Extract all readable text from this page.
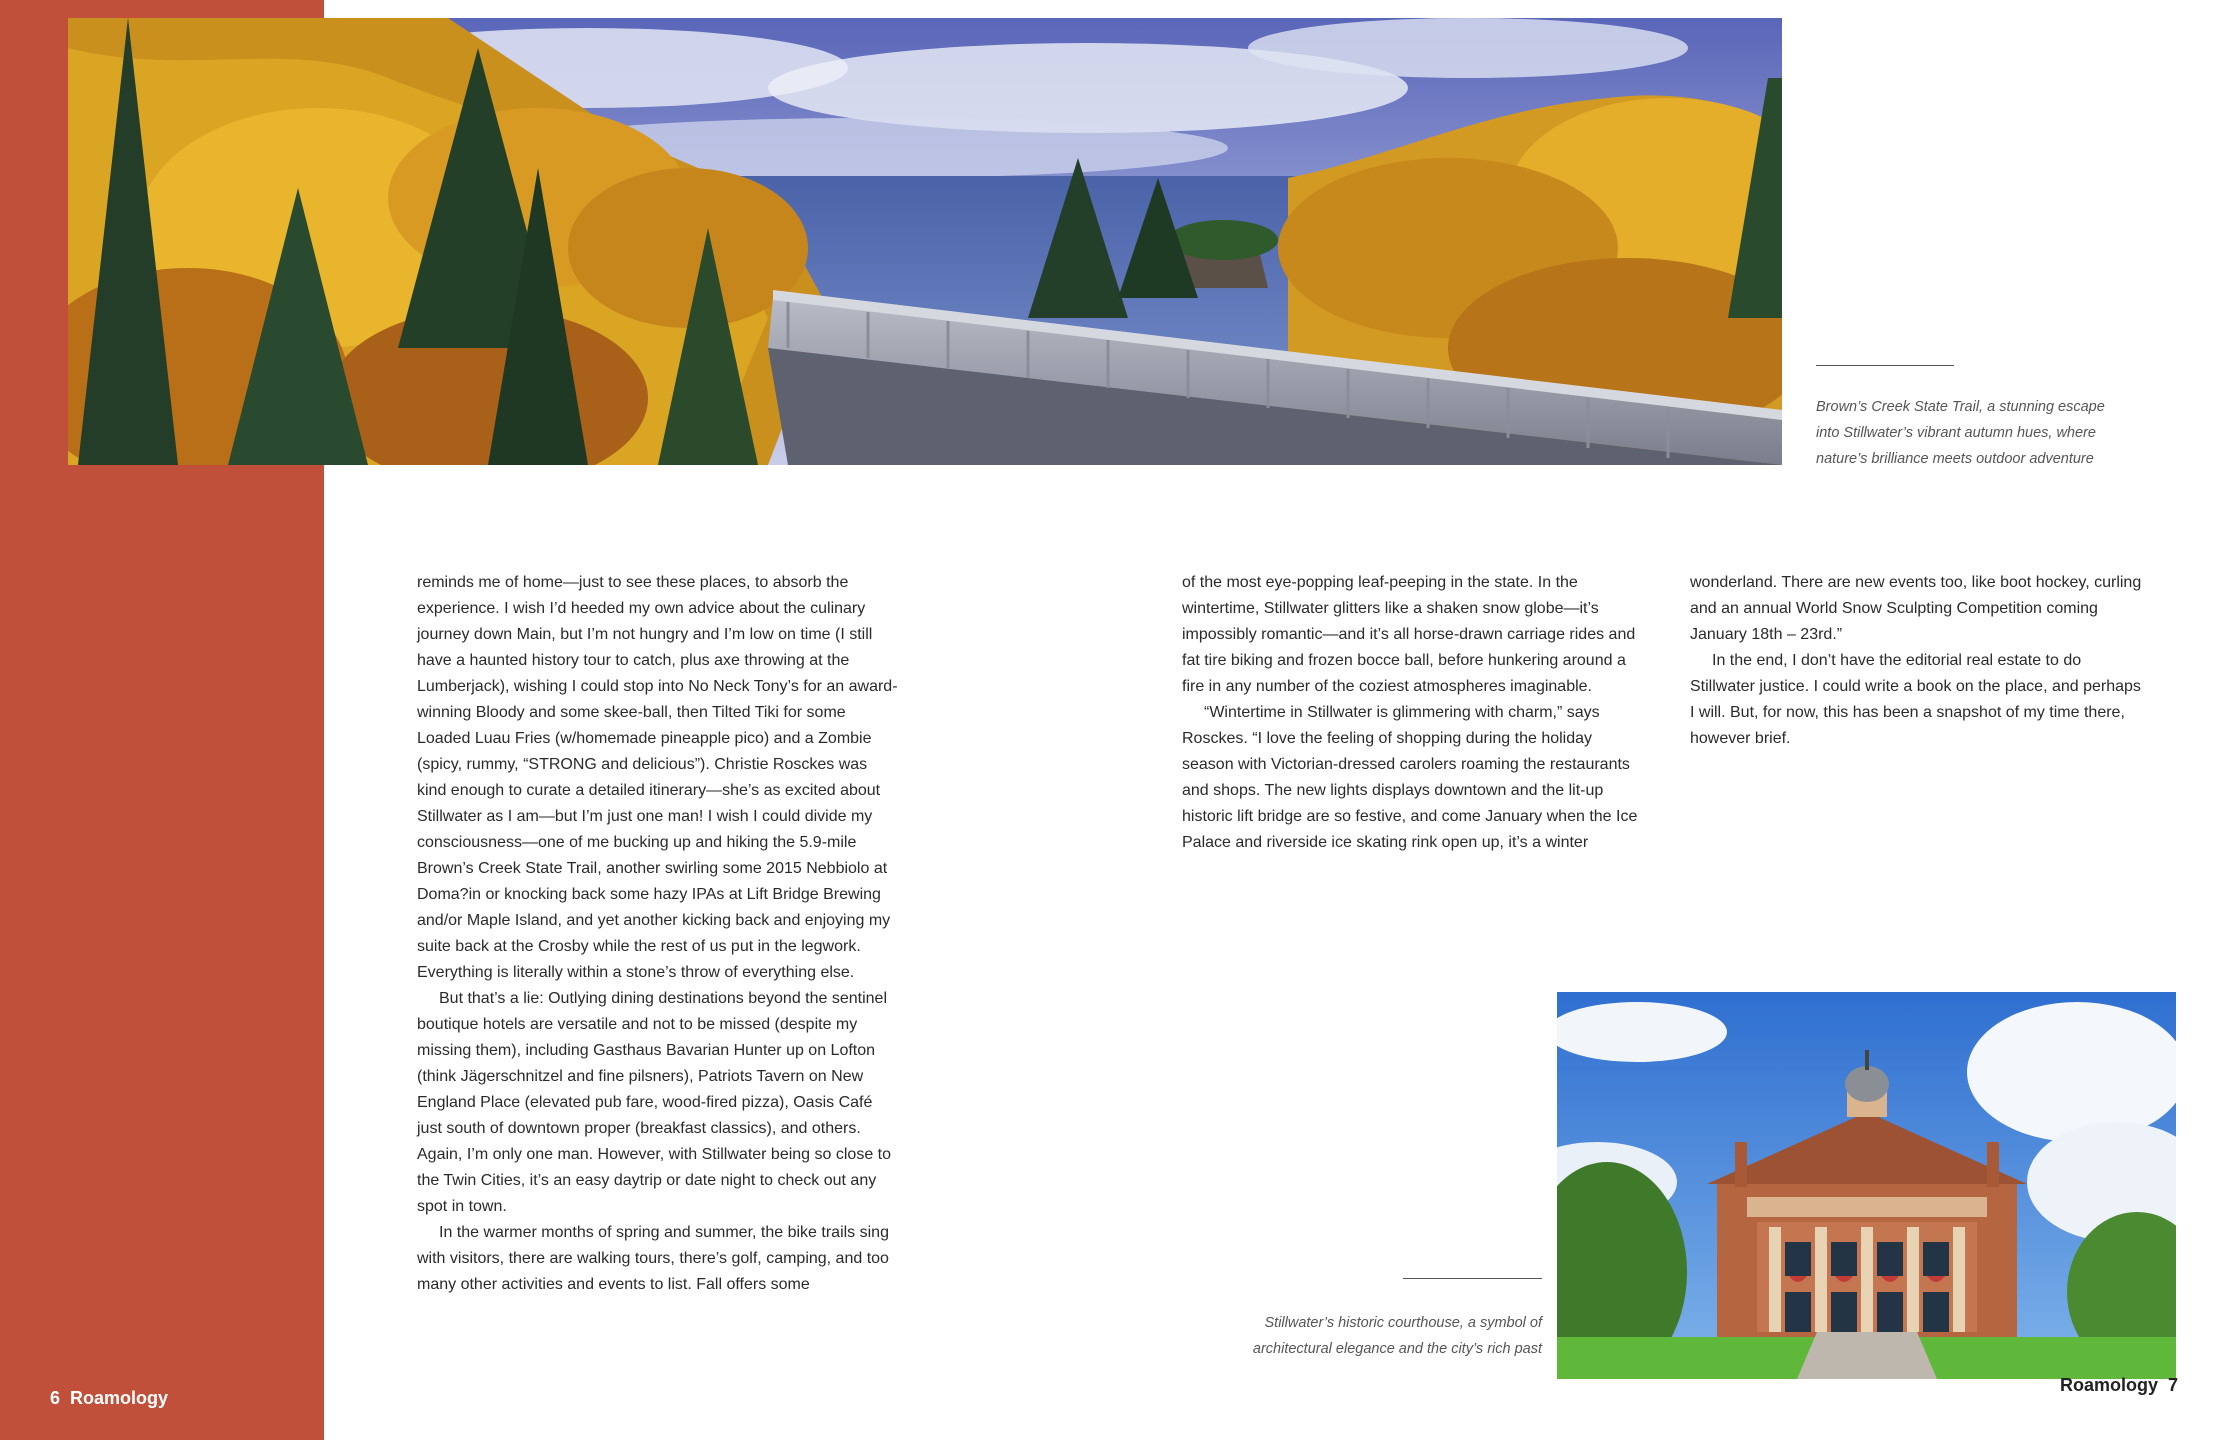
Brown’s Creek State Trail, a stunning escape into Stillwater’s vibrant autumn hues, where nature’s brilliance meets outdoor adventure

reminds me of home—just to see these places, to absorb the experience. I wish I’d heeded my own advice about the culinary journey down Main, but I’m not hungry and I’m low on time (I still have a haunted history tour to catch, plus axe throwing at the Lumberjack), wishing I could stop into No Neck Tony’s for an award-winning Bloody and some skee-ball, then Tilted Tiki for some Loaded Luau Fries (w/homemade pineapple pico) and a Zombie (spicy, rummy, “STRONG and delicious”). Christie Rosckes was kind enough to curate a detailed itinerary—she’s as excited about Stillwater as I am—but I’m just one man! I wish I could divide my consciousness—one of me bucking up and hiking the 5.9-mile Brown’s Creek State Trail, another swirling some 2015 Nebbiolo at Doma?in or knocking back some hazy IPAs at Lift Bridge Brewing and/or Maple Island, and yet another kicking back and enjoying my suite back at the Crosby while the rest of us put in the legwork. Everything is literally within a stone’s throw of everything else.

But that’s a lie: Outlying dining destinations beyond the sentinel boutique hotels are versatile and not to be missed (despite my missing them), including Gasthaus Bavarian Hunter up on Lofton (think Jägerschnitzel and fine pilsners), Patriots Tavern on New England Place (elevated pub fare, wood-fired pizza), Oasis Café just south of downtown proper (breakfast classics), and others. Again, I’m only one man. However, with Stillwater being so close to the Twin Cities, it’s an easy daytrip or date night to check out any spot in town.

In the warmer months of spring and summer, the bike trails sing with visitors, there are walking tours, there’s golf, camping, and too many other activities and events to list. Fall offers some

of the most eye-popping leaf-peeping in the state. In the wintertime, Stillwater glitters like a shaken snow globe—it’s impossibly romantic—and it’s all horse-drawn carriage rides and fat tire biking and frozen bocce ball, before hunkering around a fire in any number of the coziest atmospheres imaginable.

“Wintertime in Stillwater is glimmering with charm,” says Rosckes. “I love the feeling of shopping during the holiday season with Victorian-dressed carolers roaming the restaurants and shops. The new lights displays downtown and the lit-up historic lift bridge are so festive, and come January when the Ice Palace and riverside ice skating rink open up, it’s a winter

wonderland. There are new events too, like boot hockey, curling and an annual World Snow Sculpting Competition coming January 18th – 23rd.”

In the end, I don’t have the editorial real estate to do Stillwater justice. I could write a book on the place, and perhaps I will. But, for now, this has been a snapshot of my time there, however brief.

Stillwater’s historic courthouse, a symbol of architectural elegance and the city’s rich past

6 Roamology
Roamology 7
